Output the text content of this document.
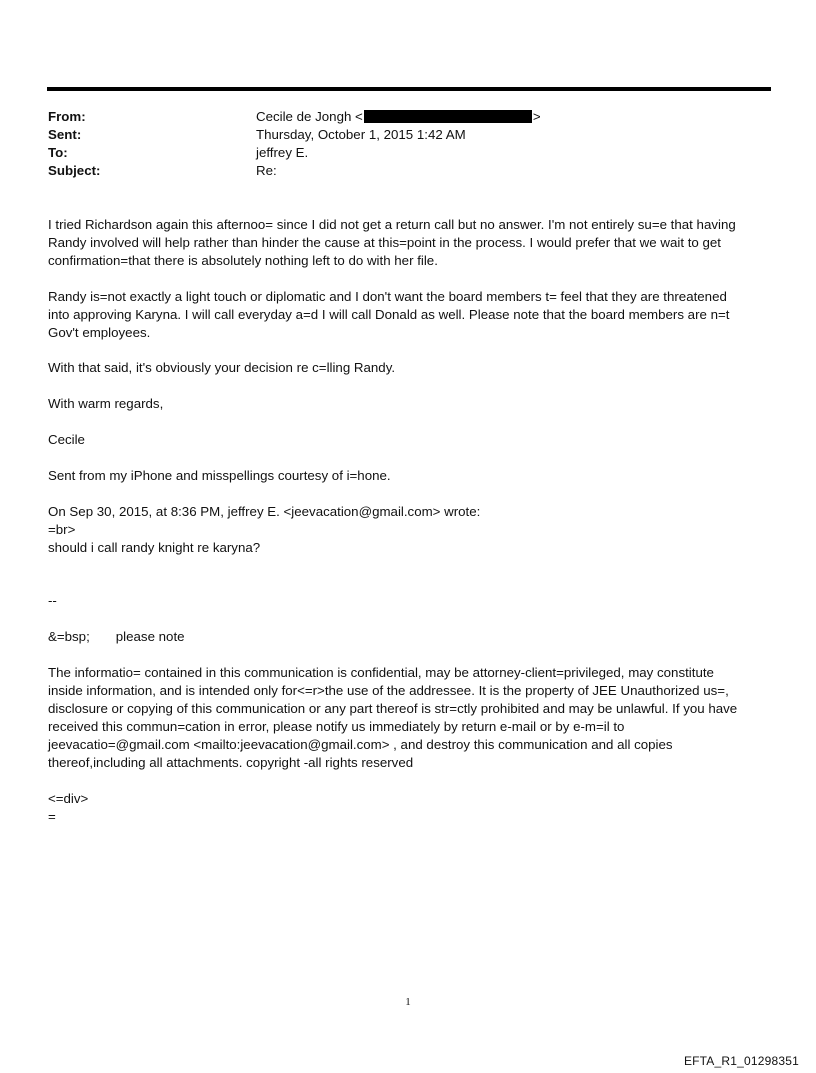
From:	Cecile de Jongh <	>
Sent:	Thursday, October 1, 2015 1:42 AM
To:	jeffrey E.
Subject:	Re:

I tried Richardson again this afternoo= since I did not get a return call but no answer. I'm not entirely su=e that having

Randy involved will help rather than hinder the cause at this=point in the process. I would prefer that we wait to get

confirmation=that there is absolutely nothing left to do with her file.

Randy is=not exactly a light touch or diplomatic and I don't want the board members t= feel that they are threatened

into approving Karyna. I will call everyday a=d I will call Donald as well. Please note that the board members are n=t

Gov't employees.

With that said, it's obviously your decision re c=lling Randy.

With warm regards,

Cecile

Sent from my iPhone and misspellings courtesy of i=hone.

On Sep 30, 2015, at 8:36 PM, jeffrey E. <jeevacation@gmail.com> wrote:

=br>

should i call randy knight re karyna?

--

&=bsp; please note

The informatio= contained in this communication is confidential, may be attorney-client=privileged, may constitute

inside information, and is intended only for<=r>the use of the addressee. It is the property of JEE Unauthorized us=,

disclosure or copying of this communication or any part thereof is str=ctly prohibited and may be unlawful. If you have

received this commun=cation in error, please notify us immediately by return e-mail or by e-m=il to

jeevacatio=@gmail.com <mailto:jeevacation@gmail.com> , and destroy this communication and all copies

thereof,including all attachments. copyright -all rights reserved

<=div>

=

1
EFTA_R1_01298351
